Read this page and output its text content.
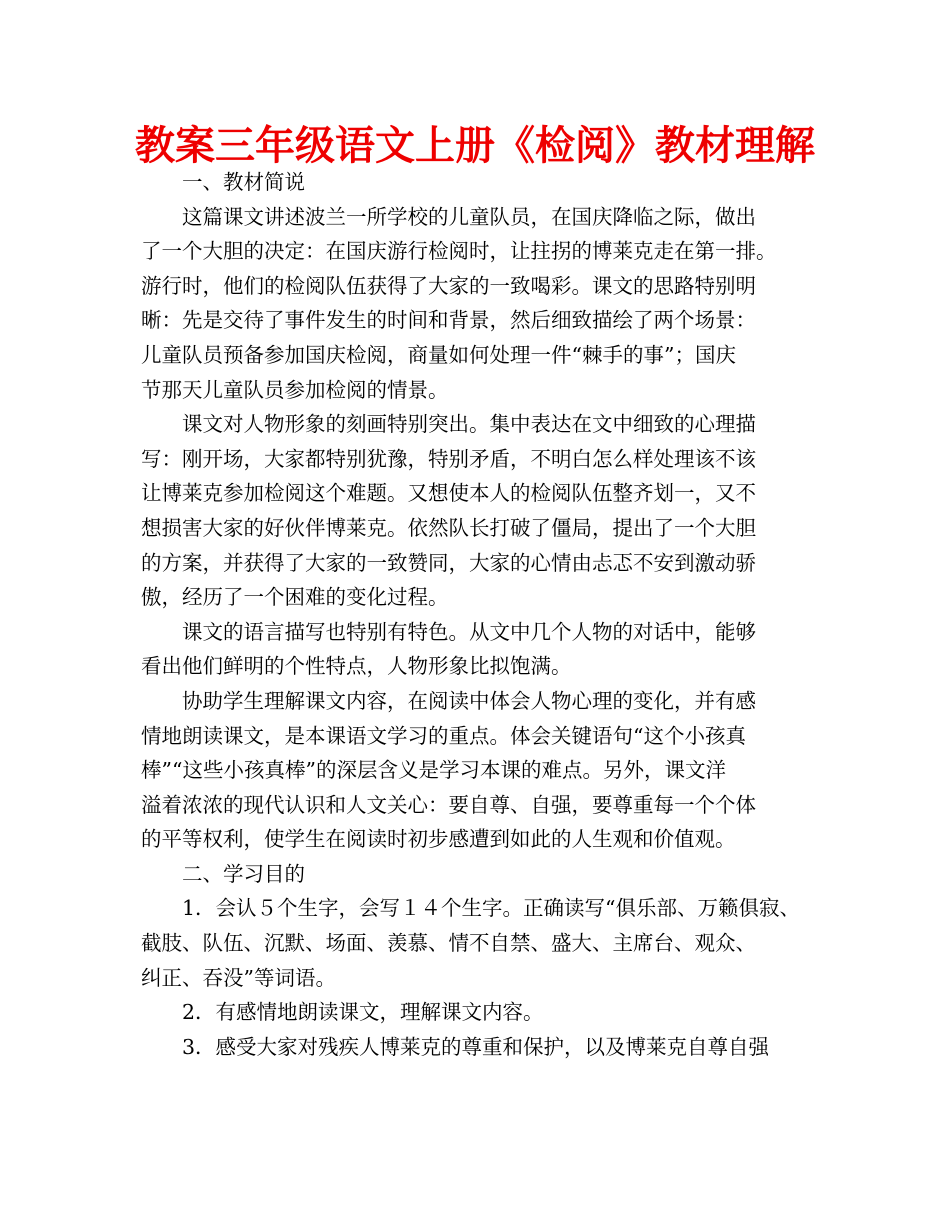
教案三年级语文上册《检阅》教材理解
一、教材简说
这篇课文讲述波兰一所学校的儿童队员，在国庆降临之际，做出
了一个大胆的决定：在国庆游行检阅时，让拄拐的博莱克走在第一排。
游行时，他们的检阅队伍获得了大家的一致喝彩。课文的思路特别明
晰：先是交待了事件发生的时间和背景，然后细致描绘了两个场景：
儿童队员预备参加国庆检阅，商量如何处理一件“棘手的事”；国庆
节那天儿童队员参加检阅的情景。
课文对人物形象的刻画特别突出。集中表达在文中细致的心理描
写：刚开场，大家都特别犹豫，特别矛盾，不明白怎么样处理该不该
让博莱克参加检阅这个难题。又想使本人的检阅队伍整齐划一，又不
想损害大家的好伙伴博莱克。依然队长打破了僵局，提出了一个大胆
的方案，并获得了大家的一致赞同，大家的心情由忐忑不安到激动骄
傲，经历了一个困难的变化过程。
课文的语言描写也特别有特色。从文中几个人物的对话中，能够
看出他们鲜明的个性特点，人物形象比拟饱满。
协助学生理解课文内容，在阅读中体会人物心理的变化，并有感
情地朗读课文，是本课语文学习的重点。体会关键语句“这个小孩真
棒”“这些小孩真棒”的深层含义是学习本课的难点。另外，课文洋
溢着浓浓的现代认识和人文关心：要自尊、自强，要尊重每一个个体
的平等权利，使学生在阅读时初步感遭到如此的人生观和价值观。
二、学习目的
1．会认５个生字，会写１４个生字。正确读写“俱乐部、万籁俱寂、
截肢、队伍、沉默、场面、羡慕、情不自禁、盛大、主席台、观众、
纠正、吞没”等词语。
2．有感情地朗读课文，理解课文内容。
3．感受大家对残疾人博莱克的尊重和保护，以及博莱克自尊自强
